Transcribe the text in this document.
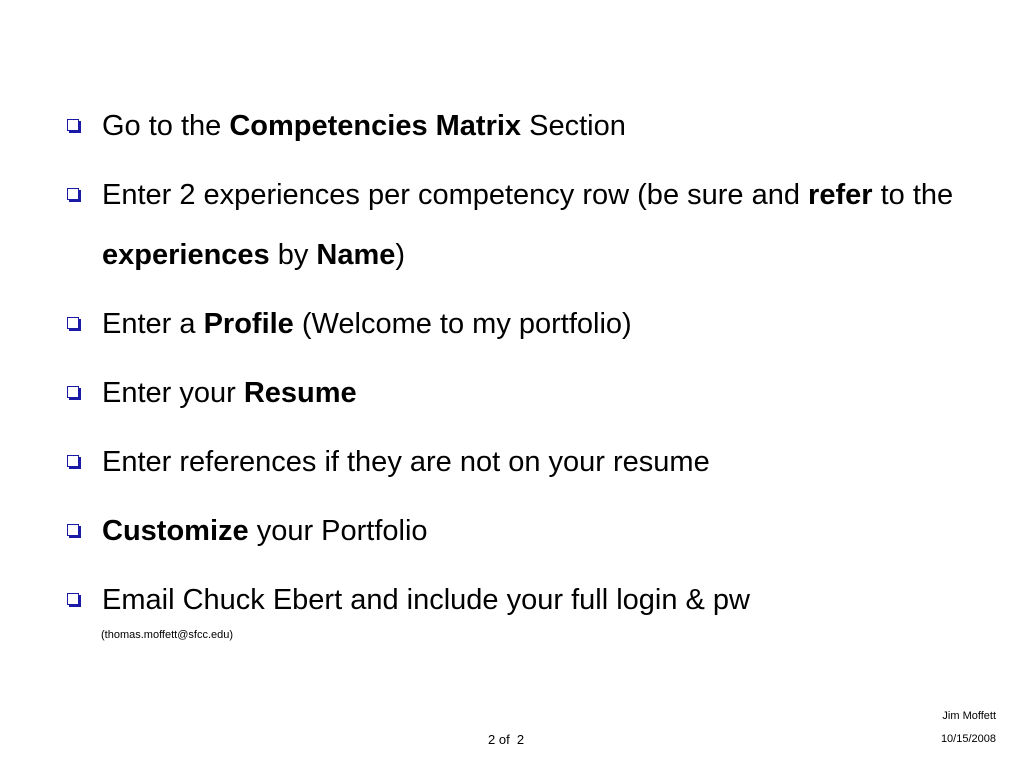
Go to the Competencies Matrix Section
Enter 2 experiences per competency row (be sure and refer to the experiences by Name)
Enter a Profile (Welcome to my portfolio)
Enter your Resume
Enter references if they are not on your resume
Customize your Portfolio
Email Chuck Ebert and include your full login & pw
(thomas.moffett@sfcc.edu)
2 of  2
Jim Moffett
10/15/2008
